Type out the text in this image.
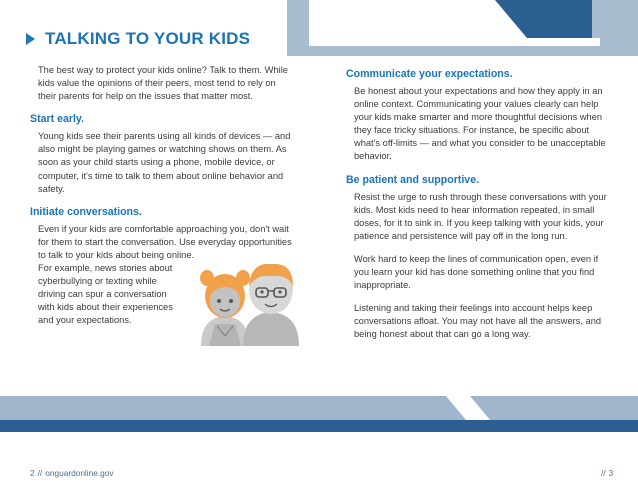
TALKING TO YOUR KIDS

The best way to protect your kids online? Talk to them. While kids value the opinions of their peers, most tend to rely on their parents for help on the issues that matter most.

Start early.

Young kids see their parents using all kinds of devices — and also might be playing games or watching shows on them. As soon as your child starts using a phone, mobile device, or computer, it's time to talk to them about online behavior and safety.

Initiate conversations.

Even if your kids are comfortable approaching you, don't wait for them to start the conversation. Use everyday opportunities to talk to your kids about being online.

For example, news stories about cyberbullying or texting while driving can spur a conversation with kids about their experiences and your expectations.

Communicate your expectations.

Be honest about your expectations and how they apply in an online context. Communicating your values clearly can help your kids make smarter and more thoughtful decisions when they face tricky situations. For instance, be specific about what's off-limits — and what you consider to be unacceptable behavior.

Be patient and supportive.

Resist the urge to rush through these conversations with your kids. Most kids need to hear information repeated, in small doses, for it to sink in. If you keep talking with your kids, your patience and persistence will pay off in the long run.

Work hard to keep the lines of communication open, even if you learn your kid has done something online that you find inappropriate.

Listening and taking their feelings into account helps keep conversations afloat. You may not have all the answers, and being honest about that can go a long way.

2 // onguardonline.gov	// 3
